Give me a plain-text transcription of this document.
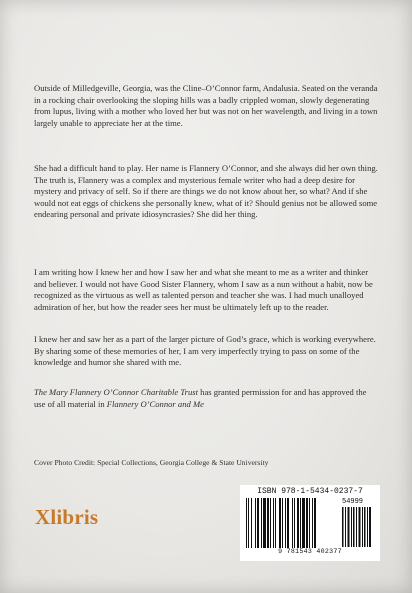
Outside of Milledgeville, Georgia, was the Cline–O’Connor farm, Andalusia. Seated on the veranda in a rocking chair overlooking the sloping hills was a badly crippled woman, slowly degenerating from lupus, living with a mother who loved her but was not on her wavelength, and living in a town largely unable to appreciate her at the time.

She had a difficult hand to play. Her name is Flannery O’Connor, and she always did her own thing. The truth is, Flannery was a complex and mysterious female writer who had a deep desire for mystery and privacy of self. So if there are things we do not know about her, so what? And if she would not eat eggs of chickens she personally knew, what of it? Should genius not be allowed some endearing personal and private idiosyncrasies? She did her thing.

I am writing how I knew her and how I saw her and what she meant to me as a writer and thinker and believer. I would not have Good Sister Flannery, whom I saw as a nun without a habit, now be recognized as the virtuous as well as talented person and teacher she was. I had much unalloyed admiration of her, but how the reader sees her must be ultimately left up to the reader.

I knew her and saw her as a part of the larger picture of God’s grace, which is working everywhere. By sharing some of these memories of her, I am very imperfectly trying to pass on some of the knowledge and humor she shared with me.

The Mary Flannery O’Connor Charitable Trust has granted permission for and has approved the use of all material in Flannery O’Connor and Me

Cover Photo Credit: Special Collections, Georgia College & State University

Xlibris

ISBN 978-1-5434-0237-7

54999

9 781543 402377
